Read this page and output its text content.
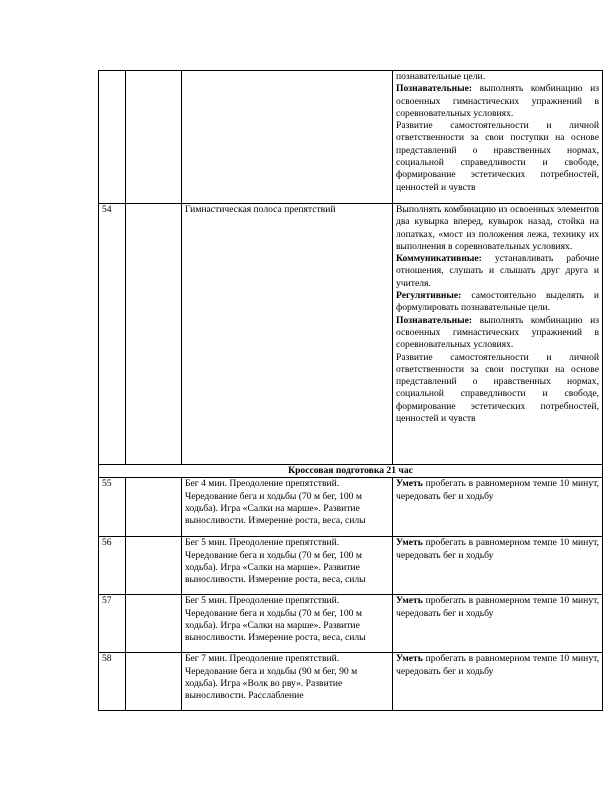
			познавательные цели.

Познавательные: выполнять комбинацию из освоенных гимнастических упражнений в соревновательных условиях.

Развитие самостоятельности и личной ответственности за свои поступки на основе представлений о нравственных нормах, социальной справедливости и свободе, формирование эстетических потребностей, ценностей и чувств

54		Гимнастическая полоса препятствий	Выполнять комбинацию из освоенных элементов два кувырка вперед, кувырок назад, стойка на лопатках, «мост из положения лежа, технику их выполнения в соревновательных условиях.

Коммуникативные: устанавливать рабочие отношения, слушать и слышать друг друга и учителя.

Регулятивные: самостоятельно выделять и формулировать познавательные цели.

Познавательные: выполнять комбинацию из освоенных гимнастических упражнений в соревновательных условиях.

Развитие самостоятельности и личной ответственности за свои поступки на основе представлений о нравственных нормах, социальной справедливости и свободе, формирование эстетических потребностей, ценностей и чувств

Кроссовая подготовка 21 час			
55		Бег 4 мин. Преодоление препятствий. Чередование бега и ходьбы (70 м бег, 100 м ходьба). Игра «Салки на марше». Развитие выносливости. Измерение роста, веса, силы	Уметь пробегать в равномерном темпе 10 минут, чередовать бег и ходьбу
56		Бег 5 мин. Преодоление препятствий. Чередование бега и ходьбы (70 м бег, 100 м ходьба). Игра «Салки на марше». Развитие выносливости. Измерение роста, веса, силы	Уметь пробегать в равномерном темпе 10 минут, чередовать бег и ходьбу
57		Бег 5 мин. Преодоление препятствий. Чередование бега и ходьбы (70 м бег, 100 м ходьба). Игра «Салки на марше». Развитие выносливости. Измерение роста, веса, силы	Уметь пробегать в равномерном темпе 10 минут, чередовать бег и ходьбу
58		Бег 7 мин. Преодоление препятствий. Чередование бега и ходьбы (90 м бег, 90 м ходьба). Игра «Волк во рву». Развитие выносливости. Расслабление	Уметь пробегать в равномерном темпе 10 минут, чередовать бег и ходьбу
